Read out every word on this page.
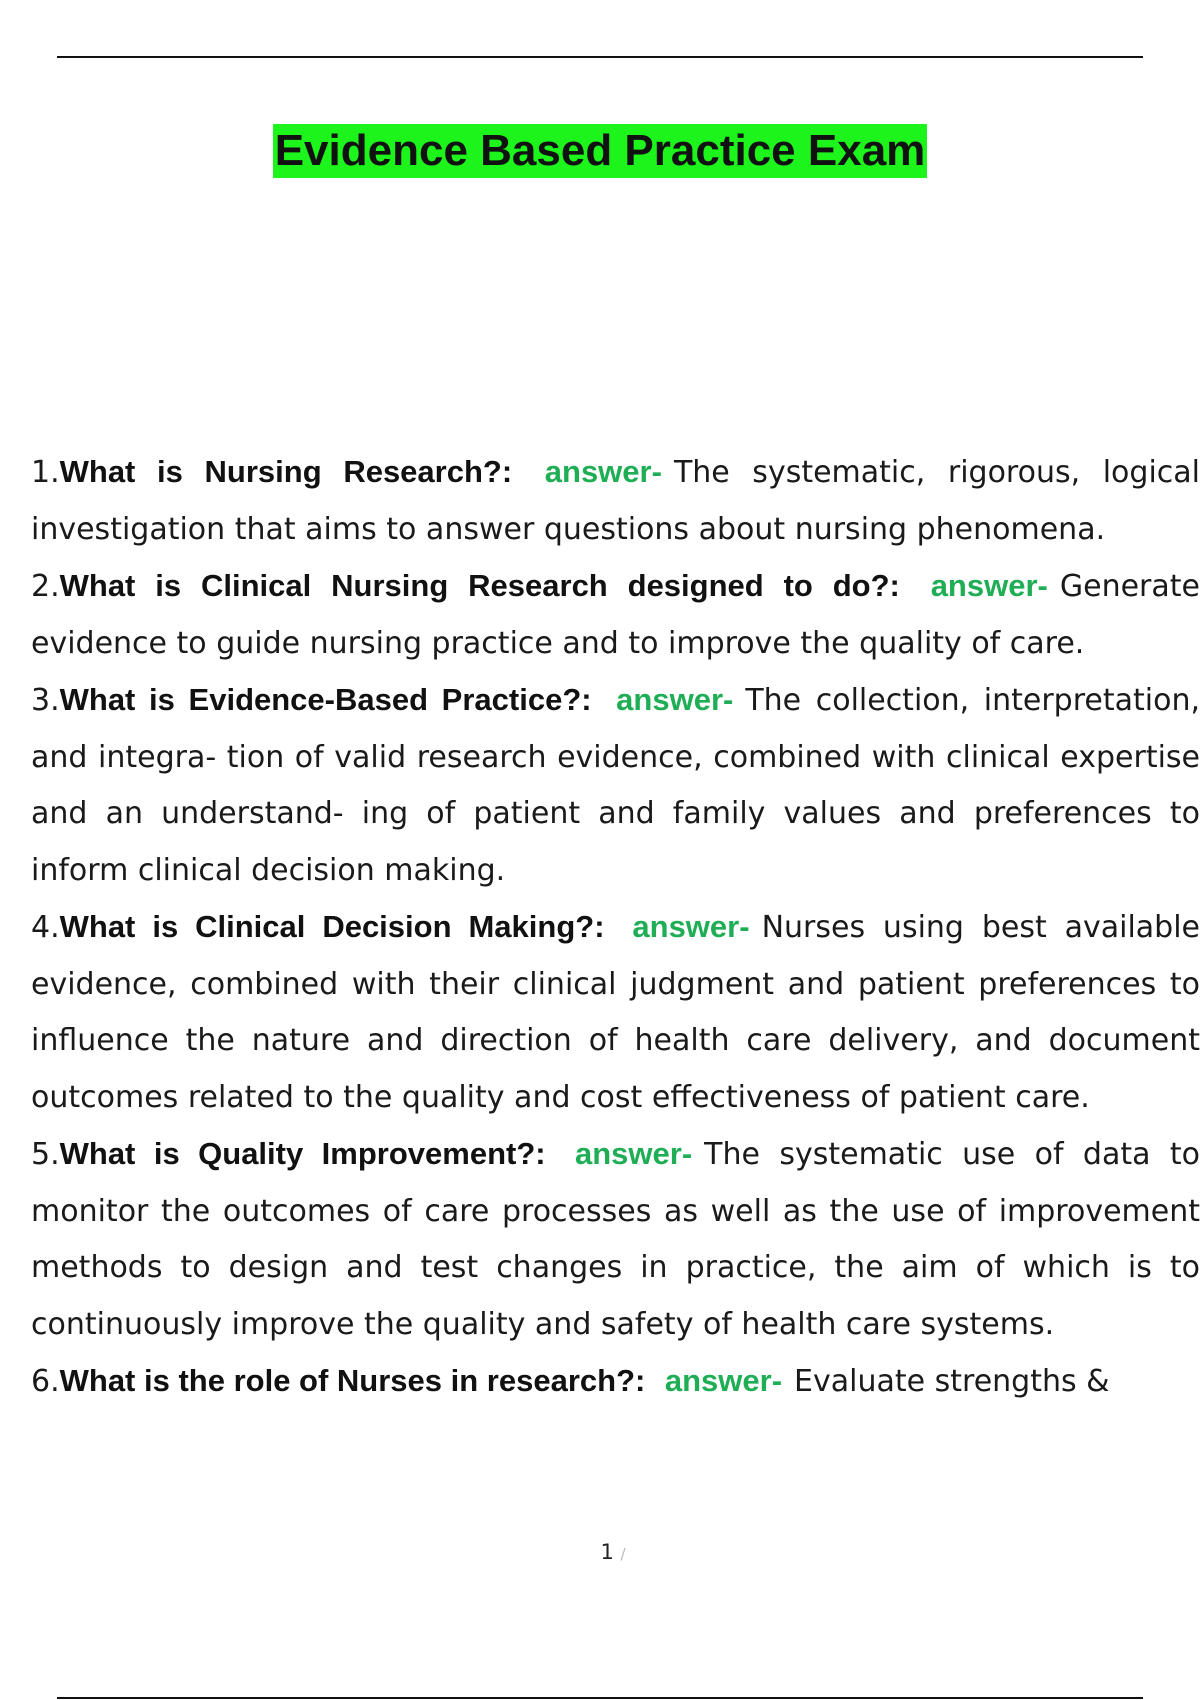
Evidence Based Practice Exam
1.What is Nursing Research?: answer- The systematic, rigorous, logical investigation that aims to answer questions about nursing phenomena.
2.What is Clinical Nursing Research designed to do?: answer- Generate evidence to guide nursing practice and to improve the quality of care.
3.What is Evidence-Based Practice?: answer- The collection, interpretation, and integra- tion of valid research evidence, combined with clinical expertise and an understand- ing of patient and family values and preferences to inform clinical decision making.
4.What is Clinical Decision Making?: answer- Nurses using best available evidence, combined with their clinical judgment and patient preferences to influence the nature and direction of health care delivery, and document outcomes related to the quality and cost effectiveness of patient care.
5.What is Quality Improvement?: answer- The systematic use of data to monitor the outcomes of care processes as well as the use of improvement methods to design and test changes in practice, the aim of which is to continuously improve the quality and safety of health care systems.
6.What is the role of Nurses in research?: answer- Evaluate strengths &
1 /
